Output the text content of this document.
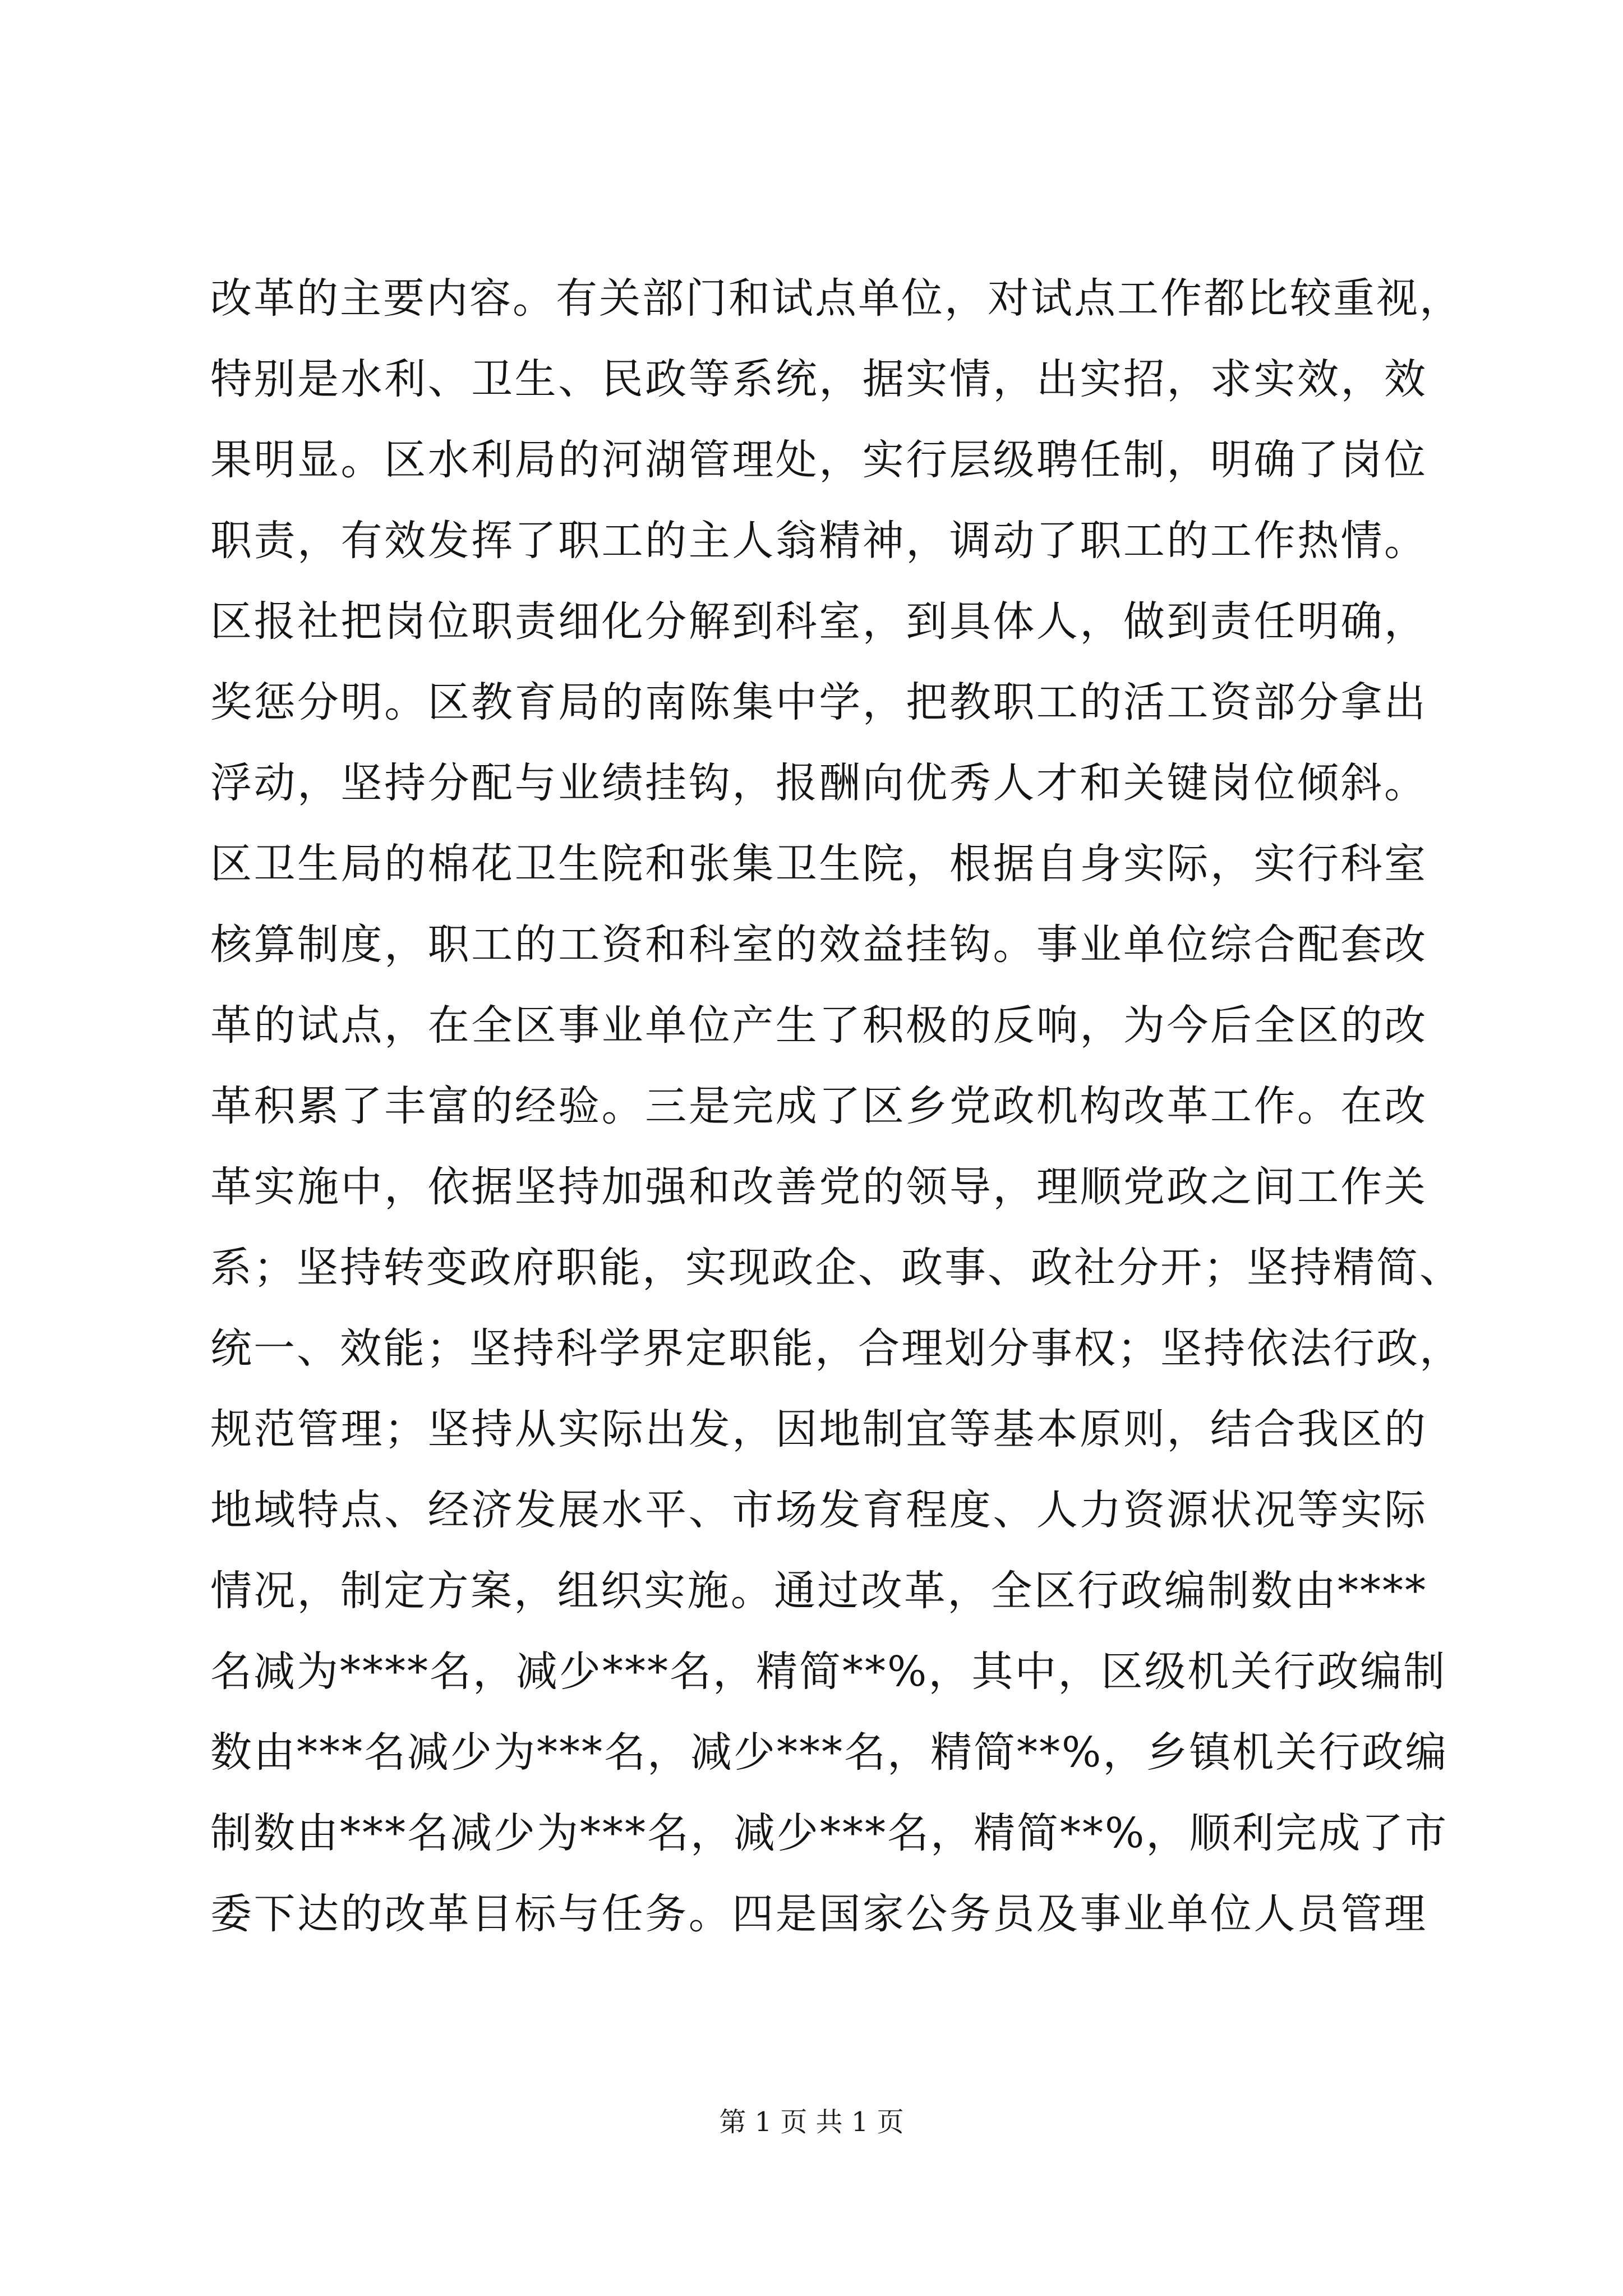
改革的主要内容。有关部门和试点单位，对试点工作都比较重视，
特别是水利、卫生、民政等系统，据实情，出实招，求实效，效
果明显。区水利局的河湖管理处，实行层级聘任制，明确了岗位
职责，有效发挥了职工的主人翁精神，调动了职工的工作热情。
区报社把岗位职责细化分解到科室，到具体人，做到责任明确，
奖惩分明。区教育局的南陈集中学，把教职工的活工资部分拿出
浮动，坚持分配与业绩挂钩，报酬向优秀人才和关键岗位倾斜。
区卫生局的棉花卫生院和张集卫生院，根据自身实际，实行科室
核算制度，职工的工资和科室的效益挂钩。事业单位综合配套改
革的试点，在全区事业单位产生了积极的反响，为今后全区的改
革积累了丰富的经验。三是完成了区乡党政机构改革工作。在改
革实施中，依据坚持加强和改善党的领导，理顺党政之间工作关
系；坚持转变政府职能，实现政企、政事、政社分开；坚持精简、
统一、效能；坚持科学界定职能，合理划分事权；坚持依法行政，
规范管理；坚持从实际出发，因地制宜等基本原则，结合我区的
地域特点、经济发展水平、市场发育程度、人力资源状况等实际
情况，制定方案，组织实施。通过改革，全区行政编制数由****
名减为****名，减少***名，精简**%，其中，区级机关行政编制
数由***名减少为***名，减少***名，精简**%，乡镇机关行政编
制数由***名减少为***名，减少***名，精简**%，顺利完成了市
委下达的改革目标与任务。四是国家公务员及事业单位人员管理
第 1 页 共 1 页
